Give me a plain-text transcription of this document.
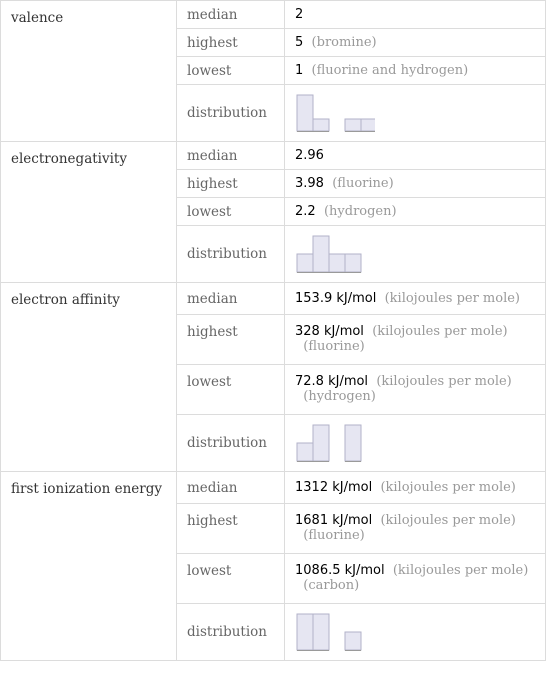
valence	median	2
	highest	5 (bromine)
	lowest	1 (fluorine and hydrogen)
	distribution	

electronegativity	median	2.96
	highest	3.98 (fluorine)
	lowest	2.2 (hydrogen)
	distribution	

electron affinity	median	153.9 kJ/mol (kilojoules per mole)
	highest	328 kJ/mol (kilojoules per mole)
(fluorine)
	lowest	72.8 kJ/mol (kilojoules per mole)
(hydrogen)
	distribution	

first ionization energy	median	1312 kJ/mol (kilojoules per mole)
	highest	1681 kJ/mol (kilojoules per mole)
(fluorine)
	lowest	1086.5 kJ/mol (kilojoules per mole)
(carbon)
	distribution	
